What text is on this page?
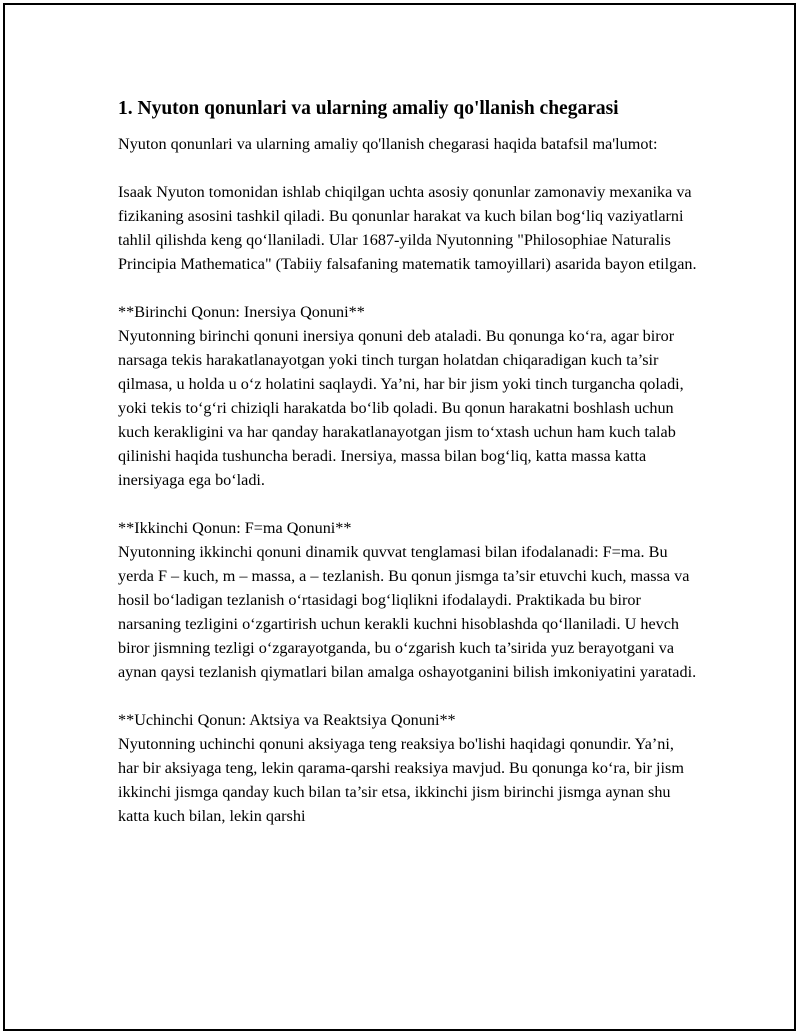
1. Nyuton qonunlari va ularning amaliy qo'llanish chegarasi

Nyuton qonunlari va ularning amaliy qo'llanish chegarasi haqida batafsil ma'lumot:

Isaak Nyuton tomonidan ishlab chiqilgan uchta asosiy qonunlar zamonaviy mexanika va fizikaning asosini tashkil qiladi. Bu qonunlar harakat va kuch bilan bog‘liq vaziyatlarni tahlil qilishda keng qo‘llaniladi. Ular 1687-yilda Nyutonning "Philosophiae Naturalis Principia Mathematica" (Tabiiy falsafaning matematik tamoyillari) asarida bayon etilgan.

**Birinchi Qonun: Inersiya Qonuni**

Nyutonning birinchi qonuni inersiya qonuni deb ataladi. Bu qonunga ko‘ra, agar biror narsaga tekis harakatlanayotgan yoki tinch turgan holatdan chiqaradigan kuch ta’sir qilmasa, u holda u o‘z holatini saqlaydi. Ya’ni, har bir jism yoki tinch turgancha qoladi, yoki tekis to‘g‘ri chiziqli harakatda bo‘lib qoladi. Bu qonun harakatni boshlash uchun kuch kerakligini va har qanday harakatlanayotgan jism to‘xtash uchun ham kuch talab qilinishi haqida tushuncha beradi. Inersiya, massa bilan bog‘liq, katta massa katta inersiyaga ega bo‘ladi.

**Ikkinchi Qonun: F=ma Qonuni**

Nyutonning ikkinchi qonuni dinamik quvvat tenglamasi bilan ifodalanadi: F=ma. Bu yerda F – kuch, m – massa, a – tezlanish. Bu qonun jismga ta’sir etuvchi kuch, massa va hosil bo‘ladigan tezlanish o‘rtasidagi bog‘liqlikni ifodalaydi. Praktikada bu biror narsaning tezligini o‘zgartirish uchun kerakli kuchni hisoblashda qo‘llaniladi. U hevch biror jismning tezligi o‘zgarayotganda, bu o‘zgarish kuch ta’sirida yuz berayotgani va aynan qaysi tezlanish qiymatlari bilan amalga oshayotganini bilish imkoniyatini yaratadi.

**Uchinchi Qonun: Aktsiya va Reaktsiya Qonuni**

Nyutonning uchinchi qonuni aksiyaga teng reaksiya bo'lishi haqidagi qonundir. Ya’ni, har bir aksiyaga teng, lekin qarama-qarshi reaksiya mavjud. Bu qonunga ko‘ra, bir jism ikkinchi jismga qanday kuch bilan ta’sir etsa, ikkinchi jism birinchi jismga aynan shu katta kuch bilan, lekin qarshi
